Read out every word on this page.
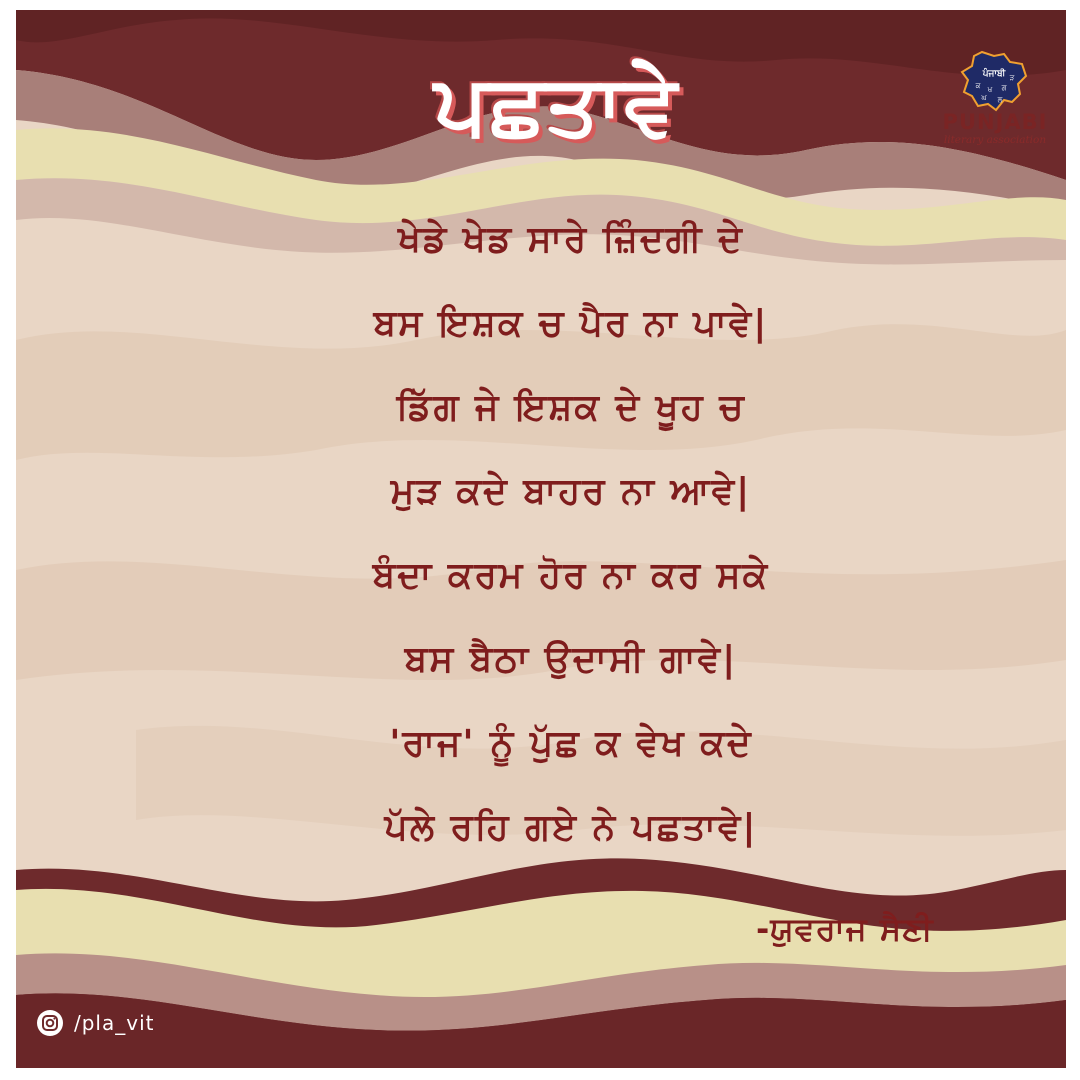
ਪਛਤਾਵੇ	ਪੰਜਾਬੀ
ਕ ਖ ਗ
ਘ
ੜ
ਲ
PUNJABI
literary association
ਖੇਡੇ ਖੇਡ ਸਾਰੇ ਜ਼ਿੰਦਗੀ ਦੇ
ਬਸ ਇਸ਼ਕ ਚ ਪੈਰ ਨਾ ਪਾਵੇ|
ਡਿੱਗ ਜੇ ਇਸ਼ਕ ਦੇ ਖੂਹ ਚ
ਮੁੜ ਕਦੇ ਬਾਹਰ ਨਾ ਆਵੇ|
ਬੰਦਾ ਕਰਮ ਹੋਰ ਨਾ ਕਰ ਸਕੇ
ਬਸ ਬੈਠਾ ਉਦਾਸੀ ਗਾਵੇ|
'ਰਾਜ' ਨੂੰ ਪੁੱਛ ਕ ਵੇਖ ਕਦੇ
ਪੱਲੇ ਰਹਿ ਗਏ ਨੇ ਪਛਤਾਵੇ|
-ਯੁਵਰਾਜ ਸੈਣੀ
/pla_vit
